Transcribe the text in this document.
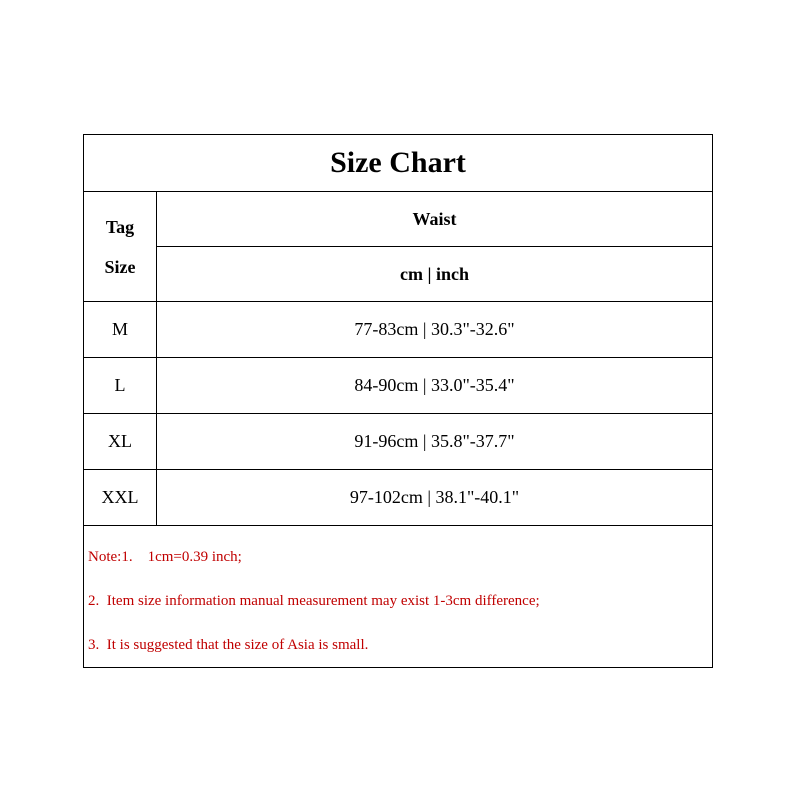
Size Chart
Tag
Size
Waist
cm | inch
M	77-83cm | 30.3"-32.6"
L	84-90cm | 33.0"-35.4"
XL	91-96cm | 35.8"-37.7"
XXL	97-102cm | 38.1"-40.1"
Note:1.    1cm=0.39 inch;
2.  Item size information manual measurement may exist 1-3cm difference;
3.  It is suggested that the size of Asia is small.
